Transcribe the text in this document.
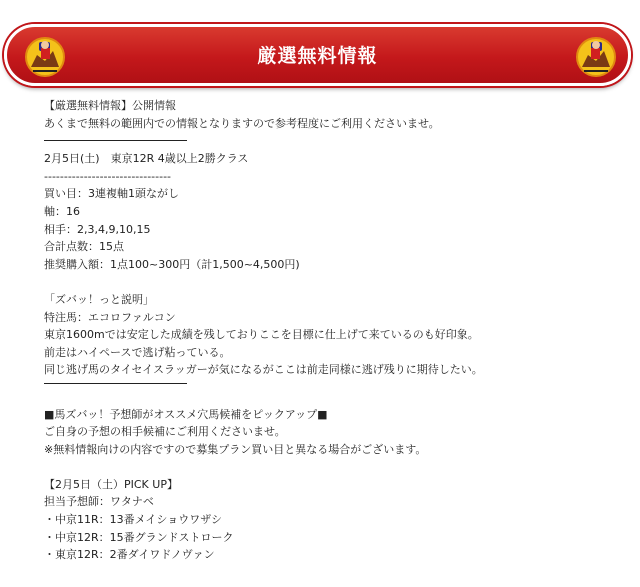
厳選無料情報
【厳選無料情報】公開情報
あくまで無料の範囲内での情報となりますので参考程度にご利用くださいませ。
2月5日(土)　東京12R 4歳以上2勝クラス
--------------------------------
買い目：3連複軸1頭ながし
軸：16
相手：2,3,4,9,10,15
合計点数：15点
推奨購入額：1点100~300円（計1,500~4,500円)
「ズバッ！っと説明」
特注馬：エコロファルコン
東京1600mでは安定した成績を残しておりここを目標に仕上げて来ているのも好印象。
前走はハイペースで逃げ粘っている。
同じ逃げ馬のタイセイスラッガーが気になるがここは前走同様に逃げ残りに期待したい。
■馬ズバッ！予想師がオススメ穴馬候補をピックアップ■
ご自身の予想の相手候補にご利用くださいませ。
※無料情報向けの内容ですので募集プラン買い目と異なる場合がございます。
【2月5日（土）PICK UP】
担当予想師：ワタナベ
・中京11R：13番メイショウワザシ
・中京12R：15番グランドストローク
・東京12R：2番ダイワドノヴァン
